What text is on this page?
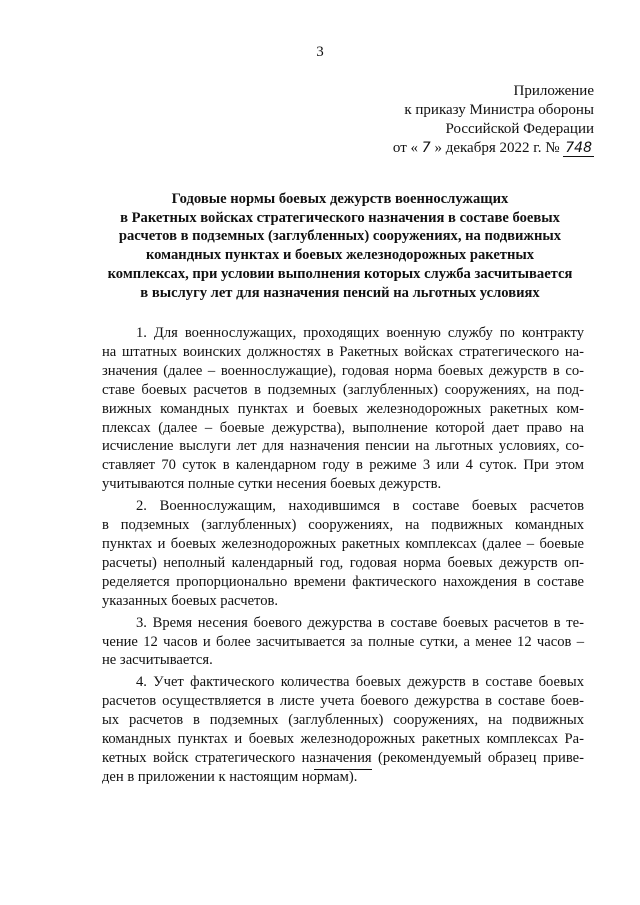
3
Приложение
к приказу Министра обороны
Российской Федерации
от « 7 » декабря 2022 г. № 748
Годовые нормы боевых дежурств военнослужащих
в Ракетных войсках стратегического назначения в составе боевых
расчетов в подземных (заглубленных) сооружениях, на подвижных
командных пунктах и боевых железнодорожных ракетных
комплексах, при условии выполнения которых служба засчитывается
в выслугу лет для назначения пенсий на льготных условиях
1. Для военнослужащих, проходящих военную службу по контракту
на штатных воинских должностях в Ракетных войсках стратегического на-
значения (далее – военнослужащие), годовая норма боевых дежурств в со-
ставе боевых расчетов в подземных (заглубленных) сооружениях, на под-
вижных командных пунктах и боевых железнодорожных ракетных ком-
плексах (далее – боевые дежурства), выполнение которой дает право на
исчисление выслуги лет для назначения пенсии на льготных условиях, со-
ставляет 70 суток в календарном году в режиме 3 или 4 суток. При этом
учитываются полные сутки несения боевых дежурств.
2. Военнослужащим, находившимся в составе боевых расчетов
в подземных (заглубленных) сооружениях, на подвижных командных
пунктах и боевых железнодорожных ракетных комплексах (далее – боевые
расчеты) неполный календарный год, годовая норма боевых дежурств оп-
ределяется пропорционально времени фактического нахождения в составе
указанных боевых расчетов.
3. Время несения боевого дежурства в составе боевых расчетов в те-
чение 12 часов и более засчитывается за полные сутки, а менее 12 часов –
не засчитывается.
4. Учет фактического количества боевых дежурств в составе боевых
расчетов осуществляется в листе учета боевого дежурства в составе боев-
ых расчетов в подземных (заглубленных) сооружениях, на подвижных
командных пунктах и боевых железнодорожных ракетных комплексах Ра-
кетных войск стратегического назначения (рекомендуемый образец приве-
ден в приложении к настоящим нормам).
